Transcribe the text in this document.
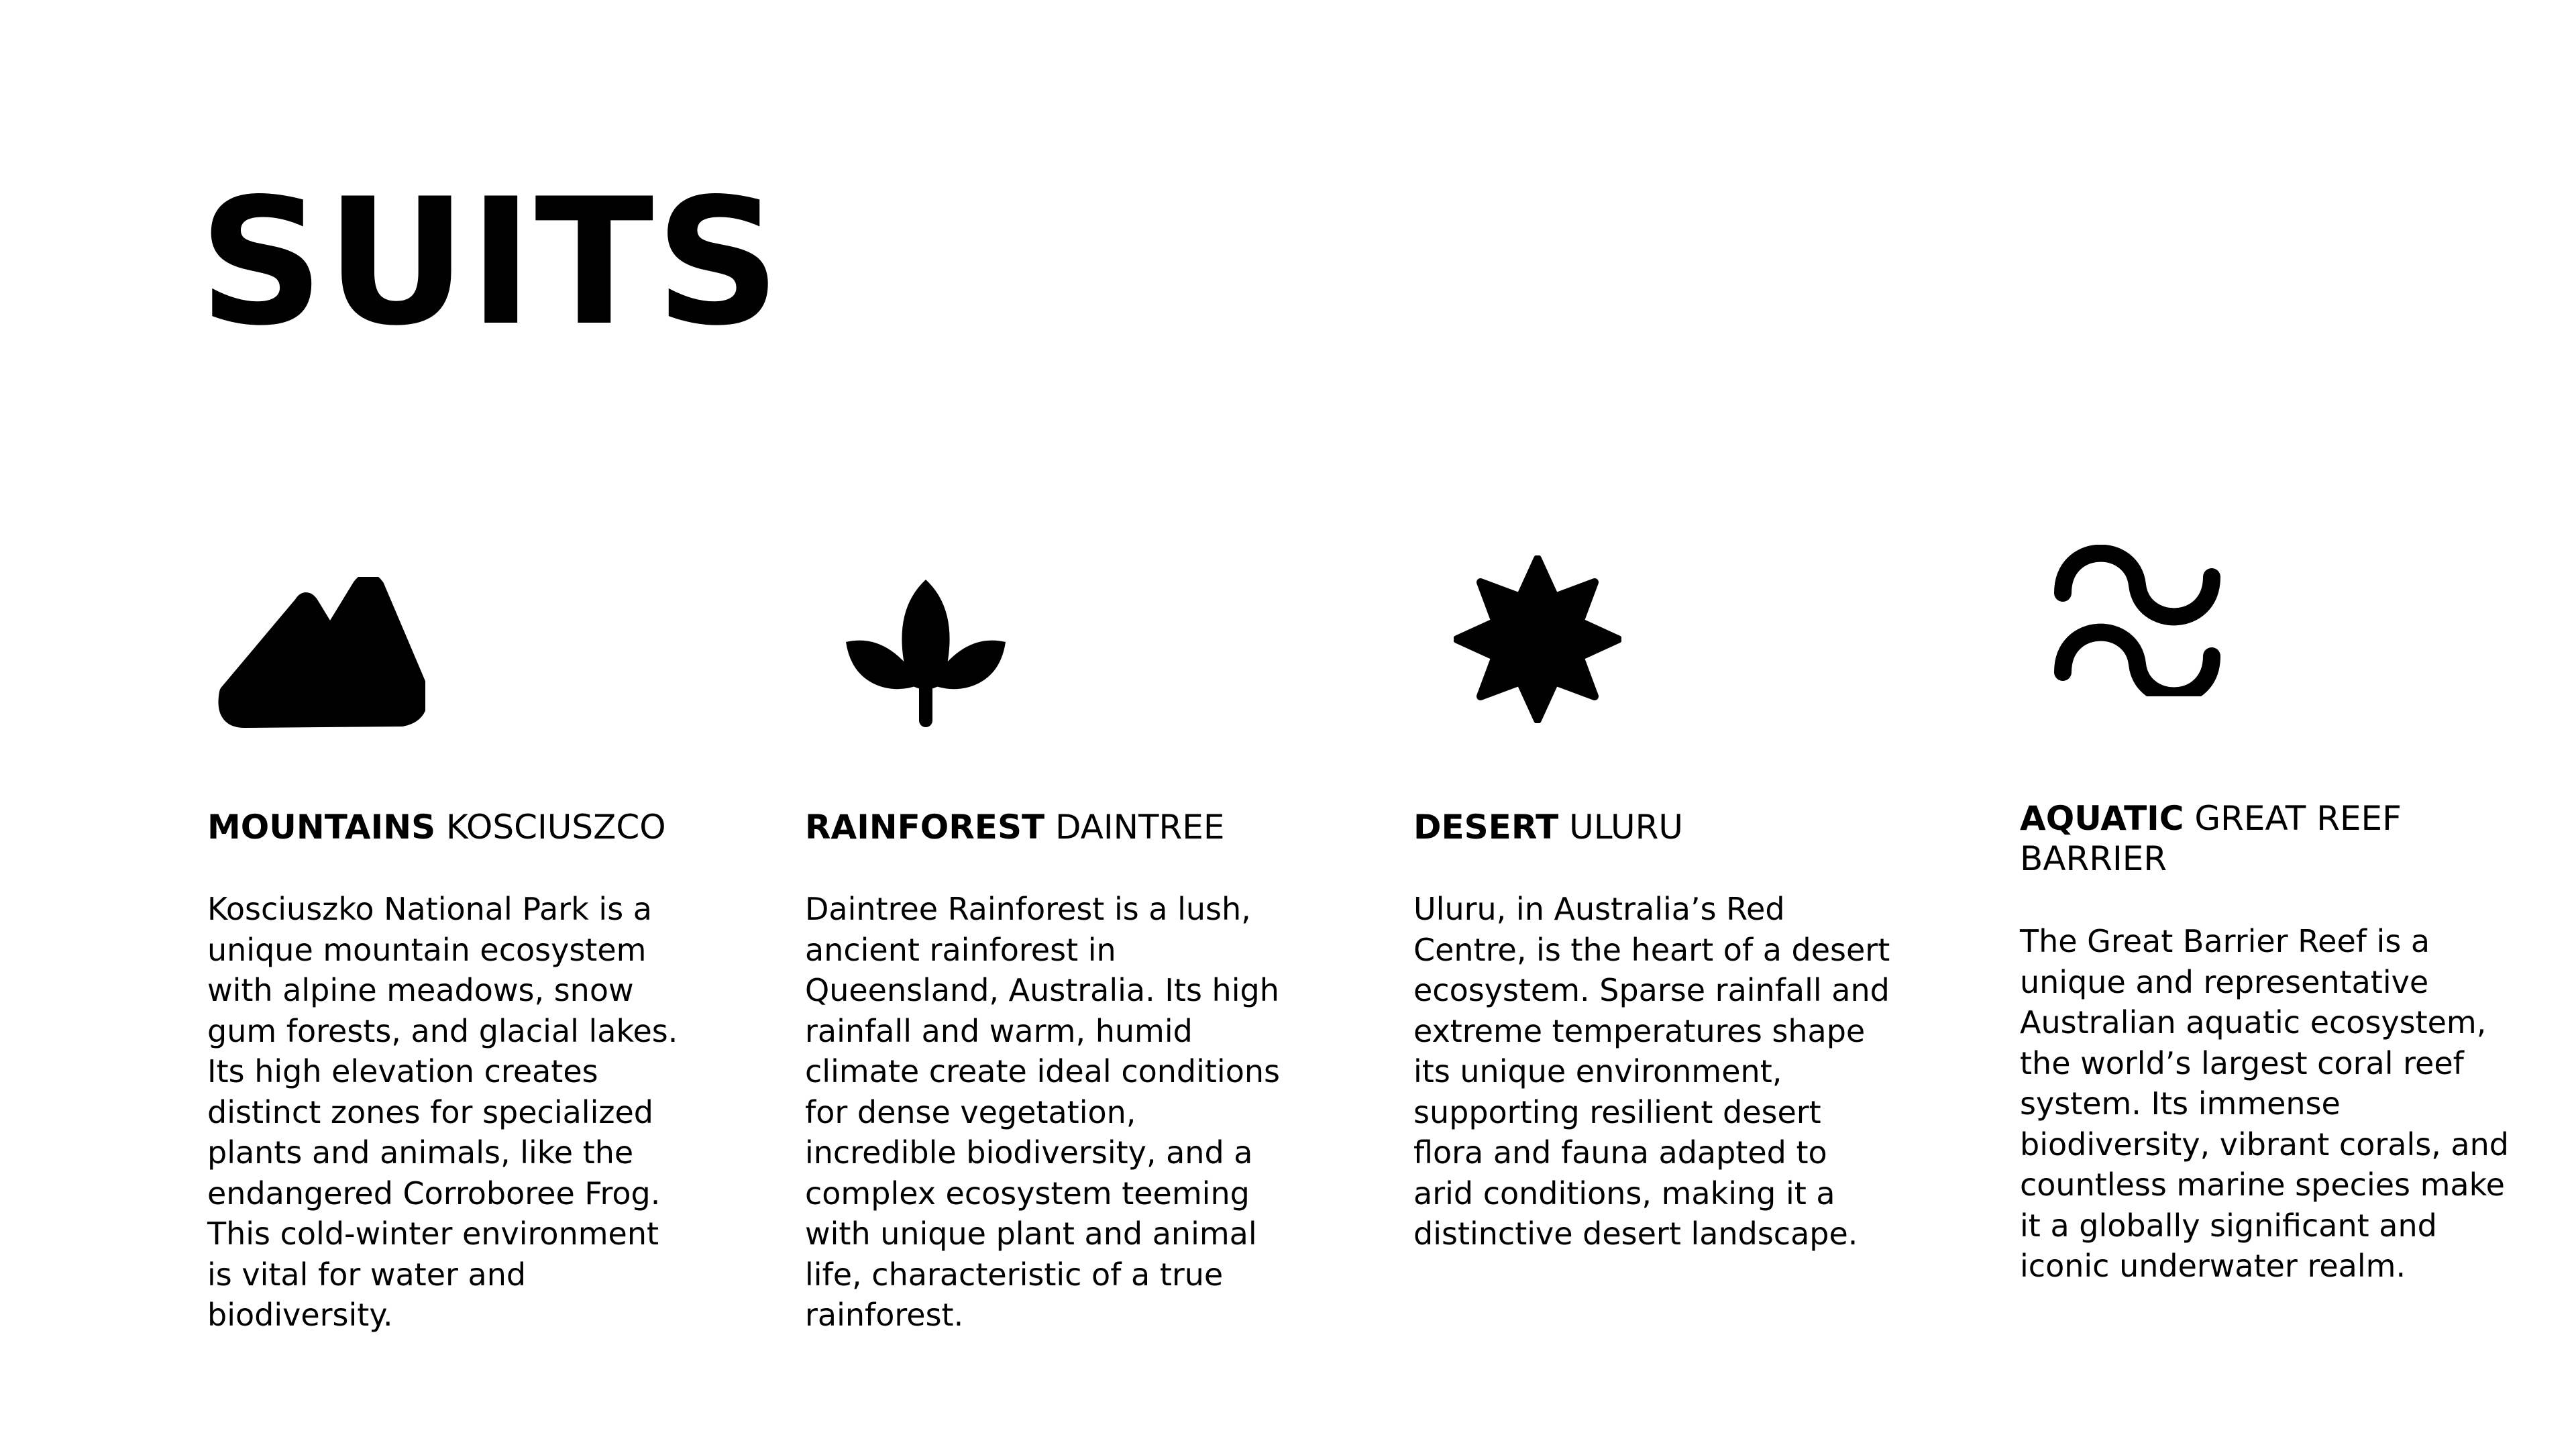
SUITS
MOUNTAINS KOSCIUSZCO

Kosciuszko National Park is a unique mountain ecosystem with alpine meadows, snow gum forests, and glacial lakes. Its high elevation creates distinct zones for specialized plants and animals, like the endangered Corroboree Frog. This cold-winter environment is vital for water and biodiversity.

RAINFOREST DAINTREE

Daintree Rainforest is a lush, ancient rainforest in Queensland, Australia. Its high rainfall and warm, humid climate create ideal conditions for dense vegetation, incredible biodiversity, and a complex ecosystem teeming with unique plant and animal life, characteristic of a true rainforest.

DESERT ULURU

Uluru, in Australia’s Red Centre, is the heart of a desert ecosystem. Sparse rainfall and extreme temperatures shape its unique environment, supporting resilient desert flora and fauna adapted to arid conditions, making it a distinctive desert landscape.

AQUATIC GREAT REEF BARRIER

The Great Barrier Reef is a unique and representative Australian aquatic ecosystem, the world’s largest coral reef system. Its immense biodiversity, vibrant corals, and countless marine species make it a globally significant and iconic underwater realm.
